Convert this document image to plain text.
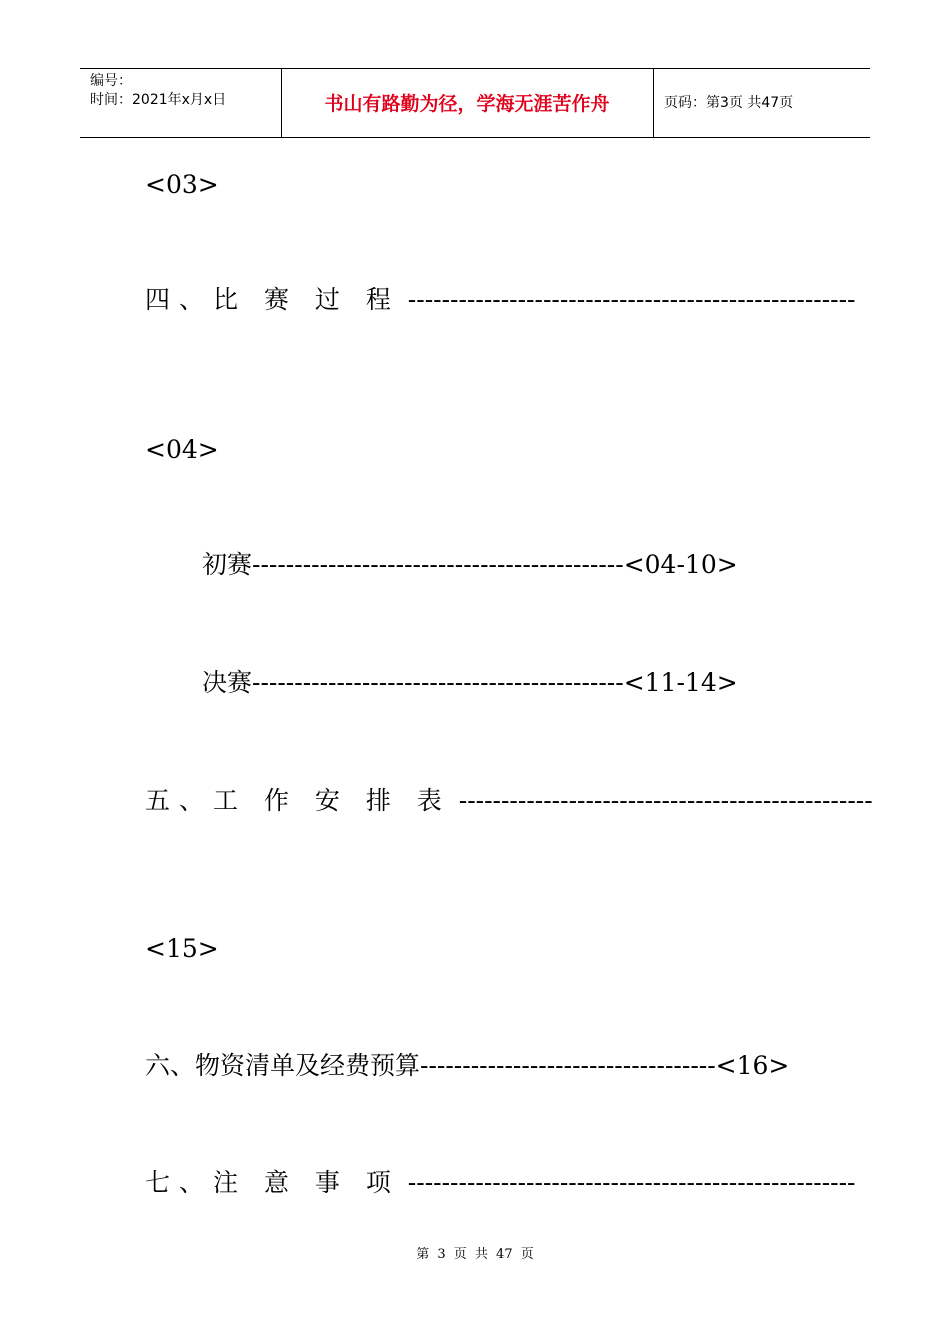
编号：
时间：2021年x月x日	书山有路勤为径，学海无涯苦作舟	页码：第3页 共47页
<03>
四、比 赛 过 程 -----------------------------------------------------
<04>
初赛--------------------------------------------<04-10>
决赛--------------------------------------------<11-14>
五、工 作 安 排 表 -------------------------------------------------
<15>
六、物资清单及经费预算-----------------------------------<16>
七、注 意 事 项 -----------------------------------------------------
第 3 页 共 47 页
